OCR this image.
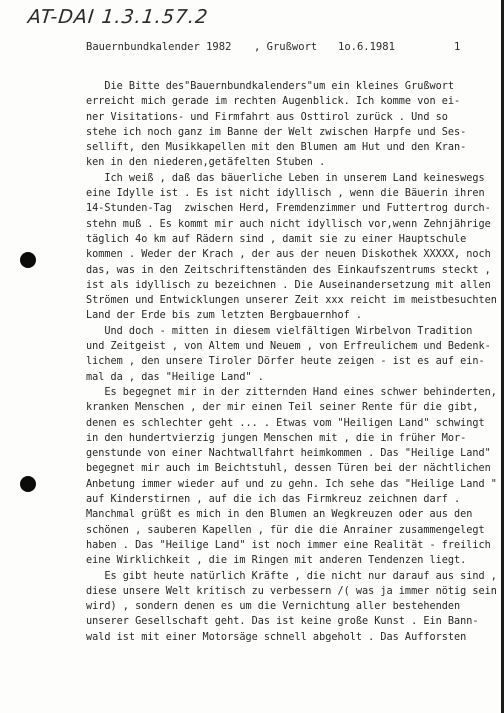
AT-DAI 1.3.1.57.2
Bauernbundkalender 1982 , Grußwort 1o.6.1981	1
Die Bitte des"Bauernbundkalenders"um ein kleines Grußwort
erreicht mich gerade im rechten Augenblick. Ich komme von ei-
ner Visitations- und Firmfahrt aus Osttirol zurück . Und so
stehe ich noch ganz im Banne der Welt zwischen Harpfe und Ses-
sellift, den Musikkapellen mit den Blumen am Hut und den Kran-
ken in den niederen,getäfelten Stuben .
Ich weiß , daß das bäuerliche Leben in unserem Land keineswegs
eine Idylle ist . Es ist nicht idyllisch , wenn die Bäuerin ihren
14-Stunden-Tag  zwischen Herd, Fremdenzimmer und Futtertrog durch-
stehn muß . Es kommt mir auch nicht idyllisch vor,wenn Zehnjährige
täglich 4o km auf Rädern sind , damit sie zu einer Hauptschule
kommen . Weder der Krach , der aus der neuen Diskothek XXXXX, noch
das, was in den Zeitschriftenständen des Einkaufszentrums steckt ,
ist als idyllisch zu bezeichnen . Die Auseinandersetzung mit allen
Strömen und Entwicklungen unserer Zeit xxx reicht im meistbesuchten
Land der Erde bis zum letzten Bergbauernhof .
Und doch - mitten in diesem vielfältigen Wirbelvon Tradition
und Zeitgeist , von Altem und Neuem , von Erfreulichem und Bedenk-
lichem , den unsere Tiroler Dörfer heute zeigen - ist es auf ein-
mal da , das "Heilige Land" .
Es begegnet mir in der zitternden Hand eines schwer behinderten,
kranken Menschen , der mir einen Teil seiner Rente für die gibt,
denen es schlechter geht ... . Etwas vom "Heiligen Land" schwingt
in den hundertvierzig jungen Menschen mit , die in früher Mor-
genstunde von einer Nachtwallfahrt heimkommen . Das "Heilige Land"
begegnet mir auch im Beichtstuhl, dessen Türen bei der nächtlichen
Anbetung immer wieder auf und zu gehn. Ich sehe das "Heilige Land "
auf Kinderstirnen , auf die ich das Firmkreuz zeichnen darf .
Manchmal grüßt es mich in den Blumen an Wegkreuzen oder aus den
schönen , sauberen Kapellen , für die die Anrainer zusammengelegt
haben . Das "Heilige Land" ist noch immer eine Realität - freilich
eine Wirklichkeit , die im Ringen mit anderen Tendenzen liegt.
Es gibt heute natürlich Kräfte , die nicht nur darauf aus sind ,
diese unsere Welt kritisch zu verbessern /( was ja immer nötig sein
wird) , sondern denen es um die Vernichtung aller bestehenden
unserer Gesellschaft geht. Das ist keine große Kunst . Ein Bann-
wald ist mit einer Motorsäge schnell abgeholt . Das Aufforsten
